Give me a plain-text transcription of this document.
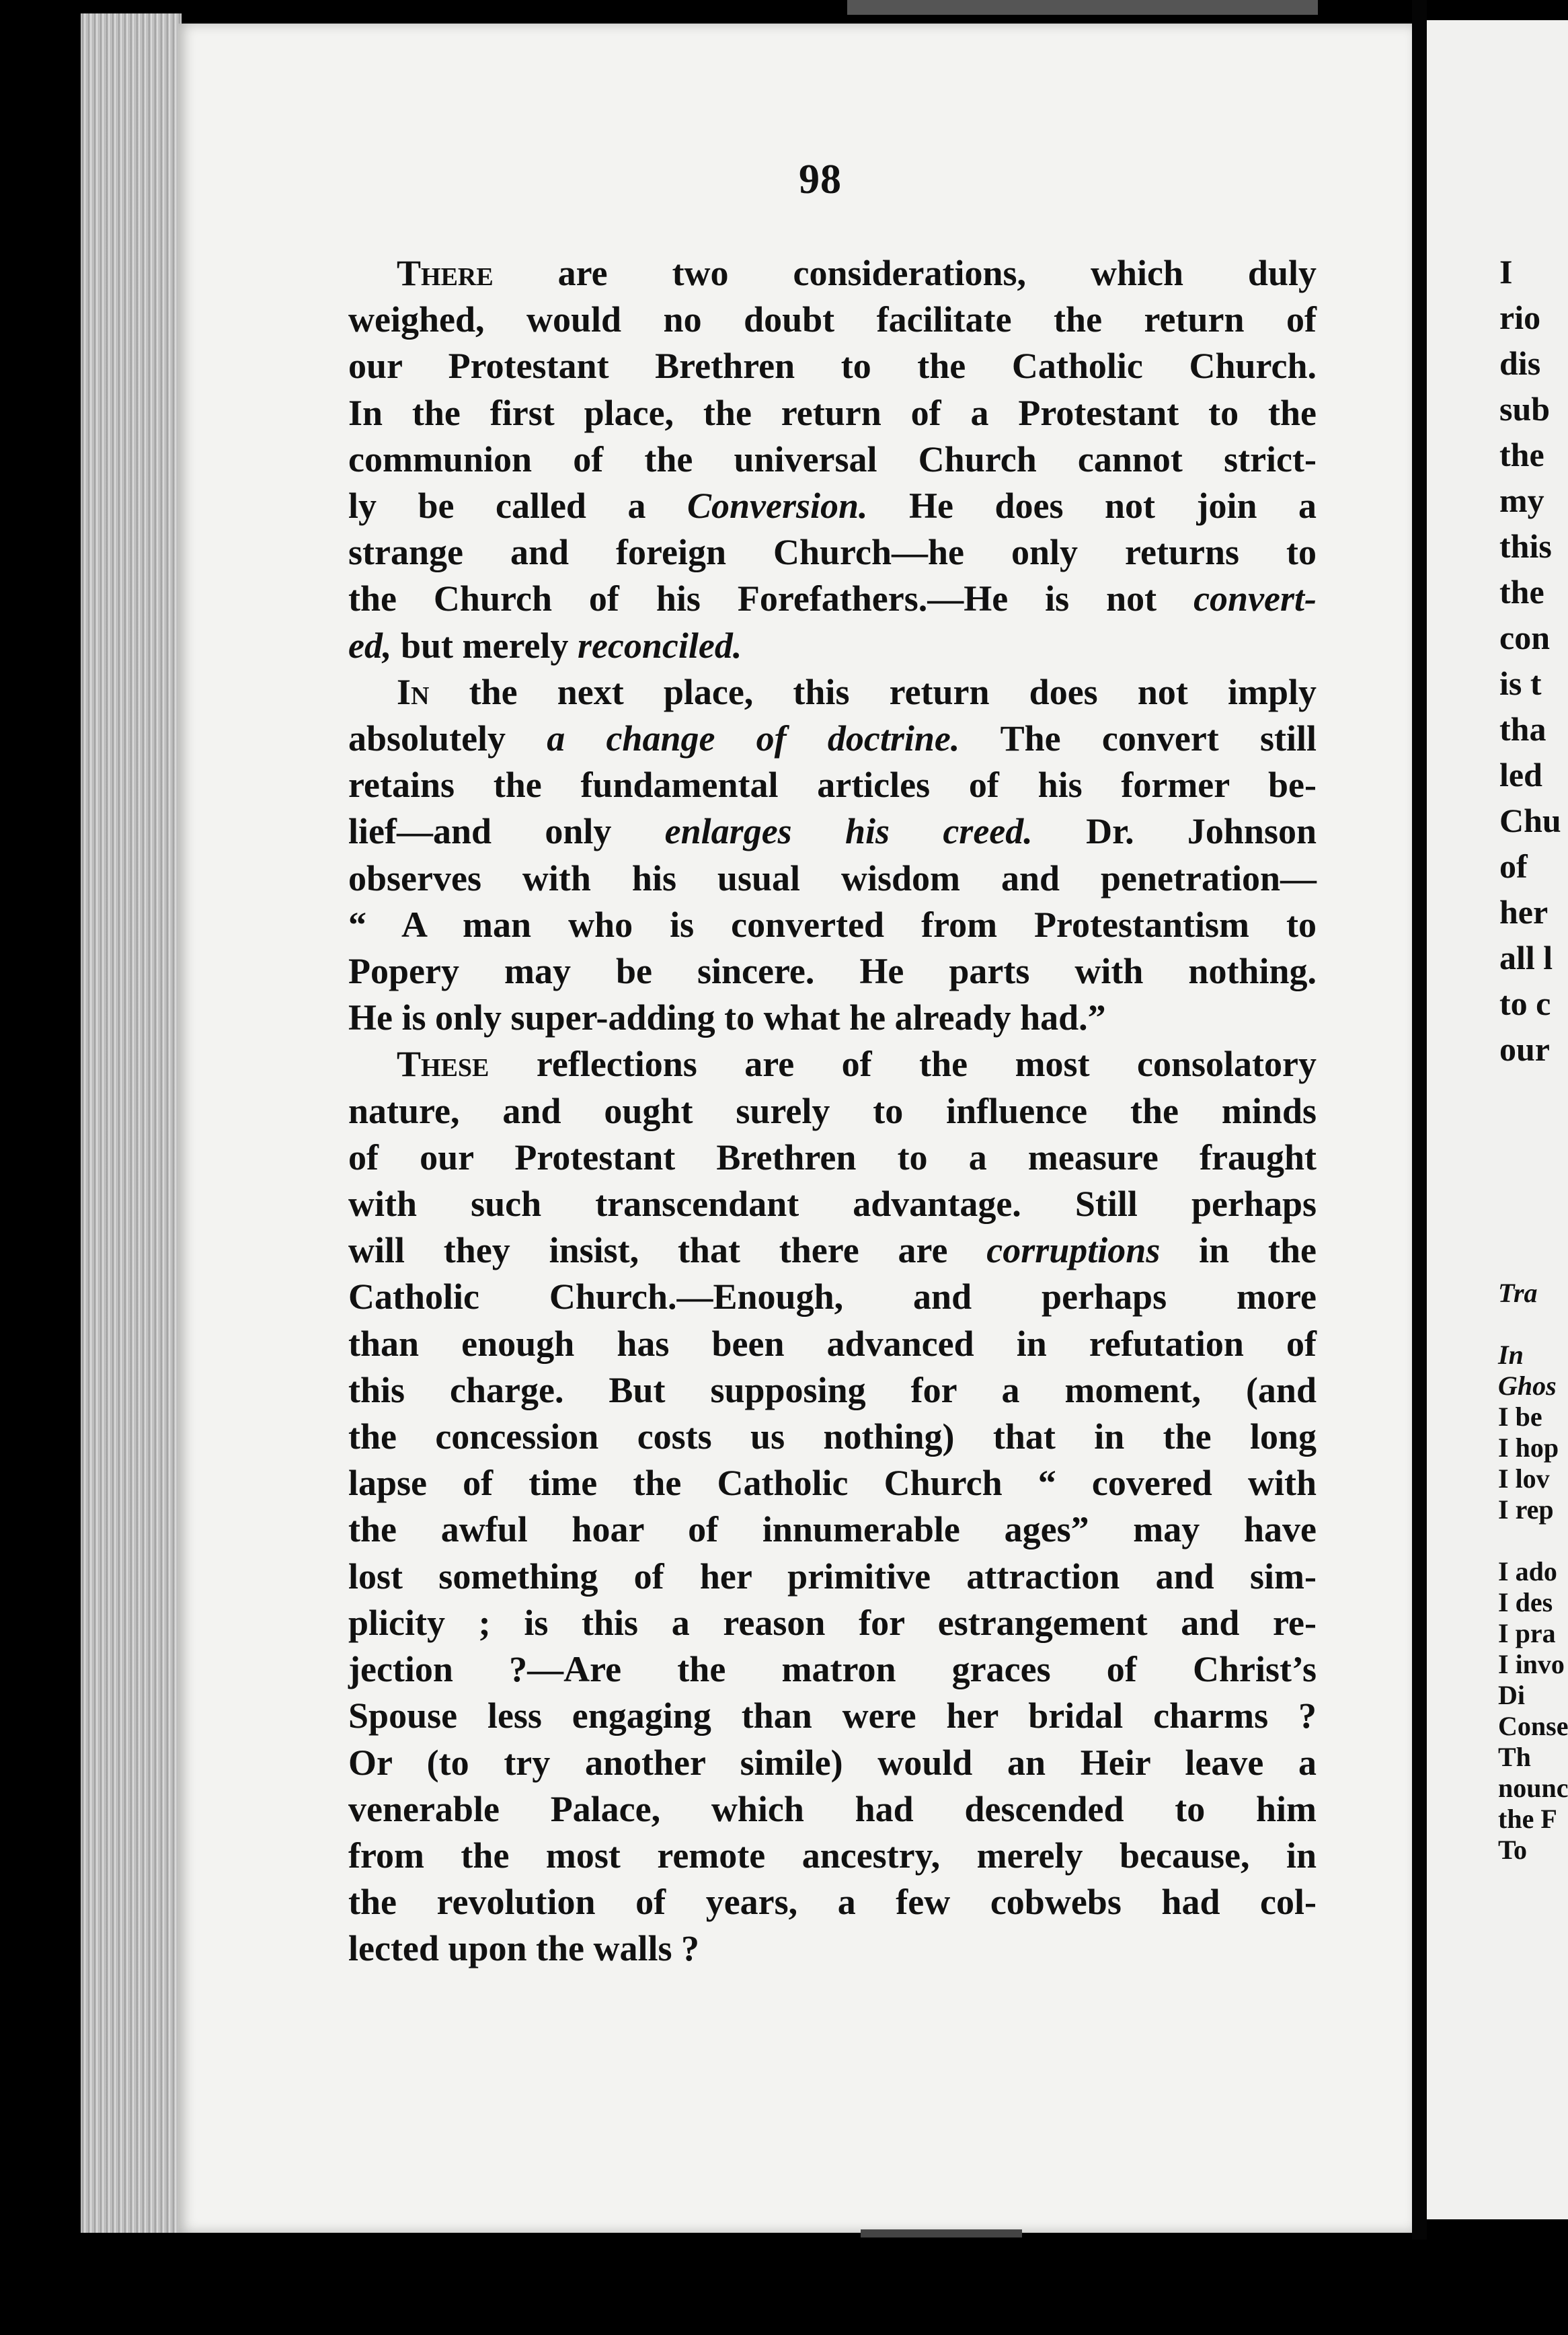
98

There are two considerations, which duly
weighed, would no doubt facilitate the return of
our Protestant Brethren to the Catholic Church.
In the first place, the return of a Protestant to the
communion of the universal Church cannot strict-
ly be called a Conversion. He does not join a
strange and foreign Church—he only returns to
the Church of his Forefathers.—He is not convert-
ed, but merely reconciled.

In the next place, this return does not imply
absolutely a change of doctrine. The convert still
retains the fundamental articles of his former be-
lief—and only enlarges his creed. Dr. Johnson
observes with his usual wisdom and penetration—
“ A man who is converted from Protestantism to
Popery may be sincere. He parts with nothing.
He is only super-adding to what he already had.”

These reflections are of the most consolatory
nature, and ought surely to influence the minds
of our Protestant Brethren to a measure fraught
with such transcendant advantage. Still perhaps
will they insist, that there are corruptions in the
Catholic Church.—Enough, and perhaps more
than enough has been advanced in refutation of
this charge. But supposing for a moment, (and
the concession costs us nothing) that in the long
lapse of time the Catholic Church “ covered with
the awful hoar of innumerable ages” may have
lost something of her primitive attraction and sim-
plicity ; is this a reason for estrangement and re-
jection ?—Are the matron graces of Christ’s
Spouse less engaging than were her bridal charms ?
Or (to try another simile) would an Heir leave a
venerable Palace, which had descended to him
from the most remote ancestry, merely because, in
the revolution of years, a few cobwebs had col-
lected upon the walls ?

I
rio
dis
sub
the
my
this
the
con
is t
tha
led
Chu
of
her
all l
to c
our
Tra

In
Ghos
I be
I hop
I lov
I rep

I ado
I des
I pra
I invo
Di
Conse
Th
nounc
the F
To
